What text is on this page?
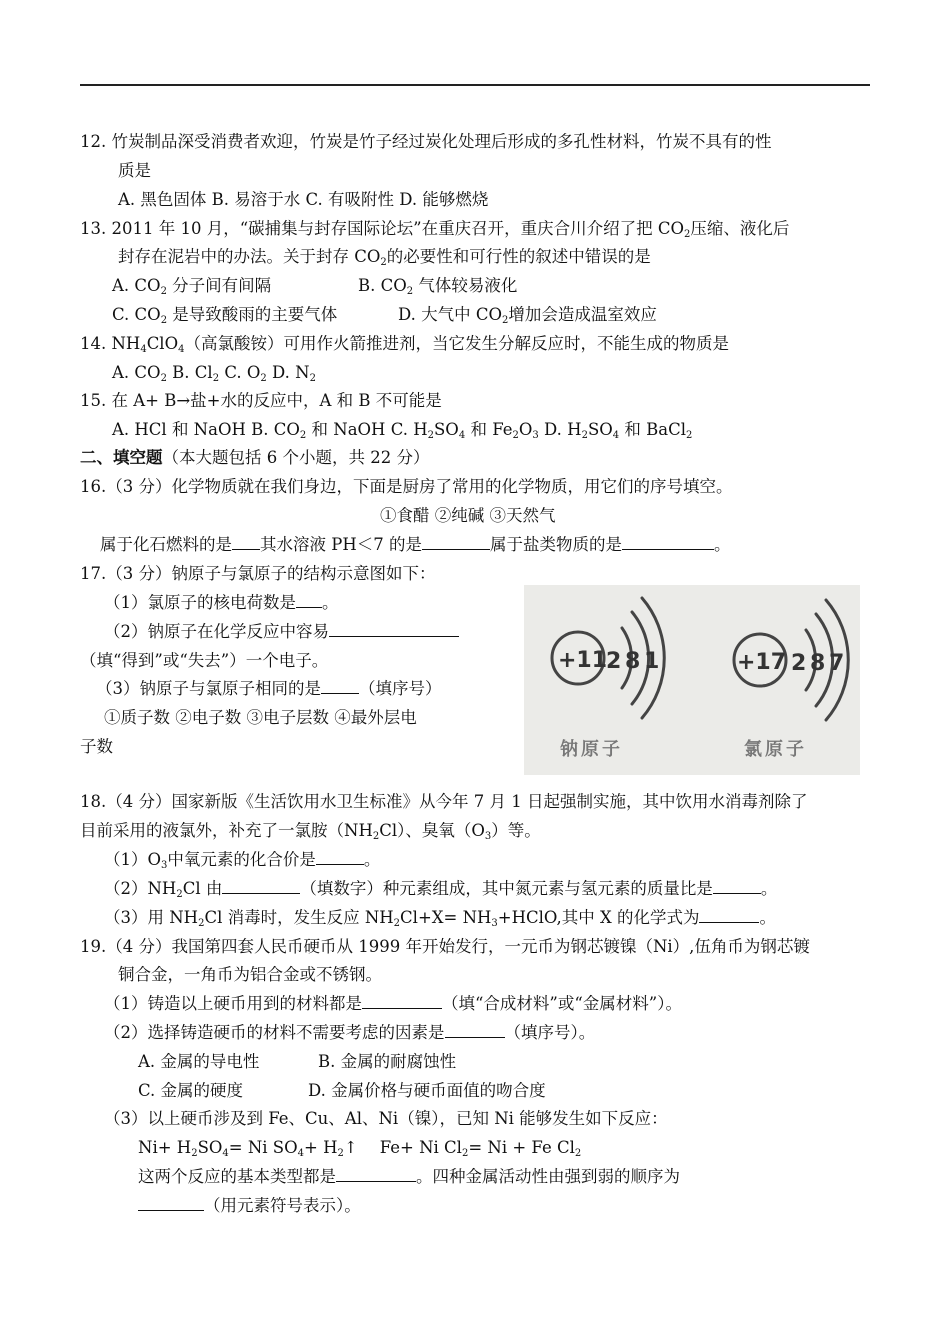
12. 竹炭制品深受消费者欢迎，竹炭是竹子经过炭化处理后形成的多孔性材料，竹炭不具有的性
质是
A. 黑色固体 B. 易溶于水 C. 有吸附性 D. 能够燃烧
13. 2011 年 10 月，“碳捕集与封存国际论坛”在重庆召开，重庆合川介绍了把 $CO_2$压缩、液化后
封存在泥岩中的办法。关于封存 $CO_2$的必要性和可行性的叙述中错误的是
A. $CO_2$ 分子间有间隔	B. $CO_2$ 气体较易液化
C. $CO_2$ 是导致酸雨的主要气体	D. 大气中 $CO_2$增加会造成温室效应
14. $NH_4ClO_4$（高氯酸铵）可用作火箭推进剂，当它发生分解反应时，不能生成的物质是
A. $CO_2$ B. $Cl_2$ C. $O_2$ D. $N_2$
15. 在 A+ B→盐+水的反应中，A 和 B 不可能是
A. HCl 和 NaOH B. $CO_2$ 和 NaOH C. $H_2SO_4$ 和 $Fe_2O_3$ D. $H_2SO_4$ 和 BaCl$_2$
二、填空题（本大题包括 6 个小题，共 22 分）
16.（3 分）化学物质就在我们身边，下面是厨房了常用的化学物质，用它们的序号填空。
①食醋 ②纯碱 ③天然气
属于化石燃料的是 其水溶液 PH＜7 的是	属于盐类物质的是	。
17.（3 分）钠原子与氯原子的结构示意图如下：
（1）氯原子的核电荷数是 。
（2）钠原子在化学反应中容易
（填“得到”或“失去”）一个电子。
（3）钠原子与氯原子相同的是 （填序号）
①质子数 ②电子数 ③电子层数 ④最外层电
子数
+11
2 8 1	+17 2 8 7
钠原子	氯原子
18.（4 分）国家新版《生活饮用水卫生标准》从今年 7 月 1 日起强制实施，其中饮用水消毒剂除了
目前采用的液氯外，补充了一氯胺$(NH_2Cl)$、臭氧$(O_3)$等。
$(1)O_3$中氧元素的化合价是	。
$(2)NH_2Cl$ 由	（填数字）种元素组成，其中氮元素与氢元素的质量比是	。
（3）用 $NH_2Cl$ 消毒时，发生反应 $NH_2Cl+X=$ $NH_3+HClO$,其中 X 的化学式为	。
19.（4 分）我国第四套人民币硬币从 1999 年开始发行，一元币为钢芯镀镍（Ni）,伍角币为钢芯镀
铜合金，一角币为铝合金或不锈钢。
（1）铸造以上硬币用到的材料都是	（填“合成材料”或“金属材料”）。
（2）选择铸造硬币的材料不需要考虑的因素是	（填序号）。
A. 金属的导电性	B. 金属的耐腐蚀性
C. 金属的硬度	D. 金属价格与硬币面值的吻合度
（3）以上硬币涉及到 Fe、Cu、Al、Ni（镍），已知 Ni 能够发生如下反应：
$Ni+ H_2SO_4= Ni$ $SO_4+$ $H_2↑$ Fe+ Ni $Cl_2= Ni + Fe$ $Cl_2$
这两个反应的基本类型都是	。四种金属活动性由强到弱的顺序为
（用元素符号表示）。
